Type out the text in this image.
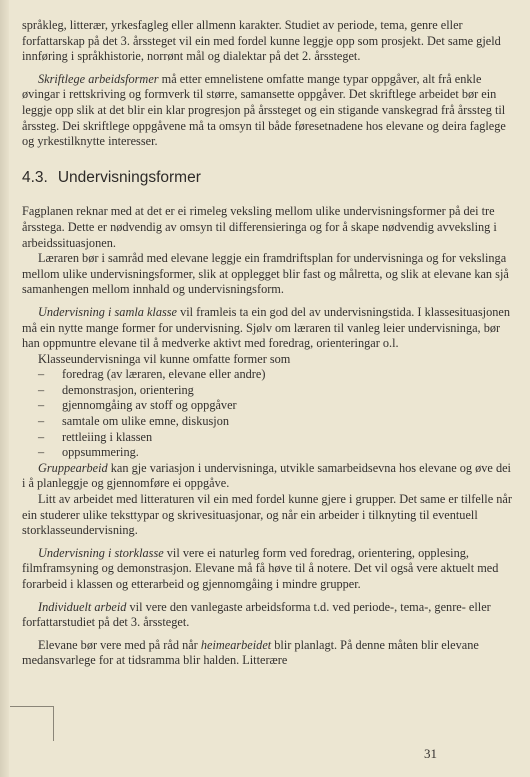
språkleg, litterær, yrkesfagleg eller allmenn karakter. Studiet av periode, tema, genre eller forfattarskap på det 3. årssteget vil ein med fordel kunne leggje opp som prosjekt. Det same gjeld innføring i språkhistorie, norrønt mål og dialektar på det 2. årssteget.

Skriftlege arbeidsformer må etter emnelistene omfatte mange typar oppgåver, alt frå enkle øvingar i rettskriving og formverk til større, samansette oppgåver. Det skriftlege arbeidet bør ein leggje opp slik at det blir ein klar progresjon på årssteget og ein stigande vanskegrad frå årssteg til årssteg. Dei skriftlege oppgåvene må ta omsyn til både føresetnadene hos elevane og deira faglege og yrkestilknytte interesser.

4.3. Undervisningsformer

Fagplanen reknar med at det er ei rimeleg veksling mellom ulike undervisningsformer på dei tre årsstega. Dette er nødvendig av omsyn til differensieringa og for å skape nødvendig avveksling i arbeidssituasjonen.

Læraren bør i samråd med elevane leggje ein framdriftsplan for undervisninga og for vekslinga mellom ulike undervisningsformer, slik at opplegget blir fast og målretta, og slik at elevane kan sjå samanhengen mellom innhald og undervisningsform.

Undervisning i samla klasse vil framleis ta ein god del av undervisningstida. I klassesituasjonen må ein nytte mange former for undervisning. Sjølv om læraren til vanleg leier undervisninga, bør han oppmuntre elevane til å medverke aktivt med foredrag, orienteringar o.l.

Klasseundervisninga vil kunne omfatte former som

– foredrag (av læraren, elevane eller andre)
– demonstrasjon, orientering
– gjennomgåing av stoff og oppgåver
– samtale om ulike emne, diskusjon
– rettleiing i klassen
– oppsummering.

Gruppearbeid kan gje variasjon i undervisninga, utvikle samarbeidsevna hos elevane og øve dei i å planleggje og gjennomføre ei oppgåve.

Litt av arbeidet med litteraturen vil ein med fordel kunne gjere i grupper. Det same er tilfelle når ein studerer ulike teksttypar og skrivesituasjonar, og når ein arbeider i tilknyting til eventuell storklasseundervisning.

Undervisning i storklasse vil vere ei naturleg form ved foredrag, orientering, opplesing, filmframsyning og demonstrasjon. Elevane må få høve til å notere. Det vil også vere aktuelt med forarbeid i klassen og etterarbeid og gjennomgåing i mindre grupper.

Individuelt arbeid vil vere den vanlegaste arbeidsforma t.d. ved periode-, tema-, genre- eller forfattarstudiet på det 3. årssteget.

Elevane bør vere med på råd når heimearbeidet blir planlagt. På denne måten blir elevane medansvarlege for at tidsramma blir halden. Litterære

31
